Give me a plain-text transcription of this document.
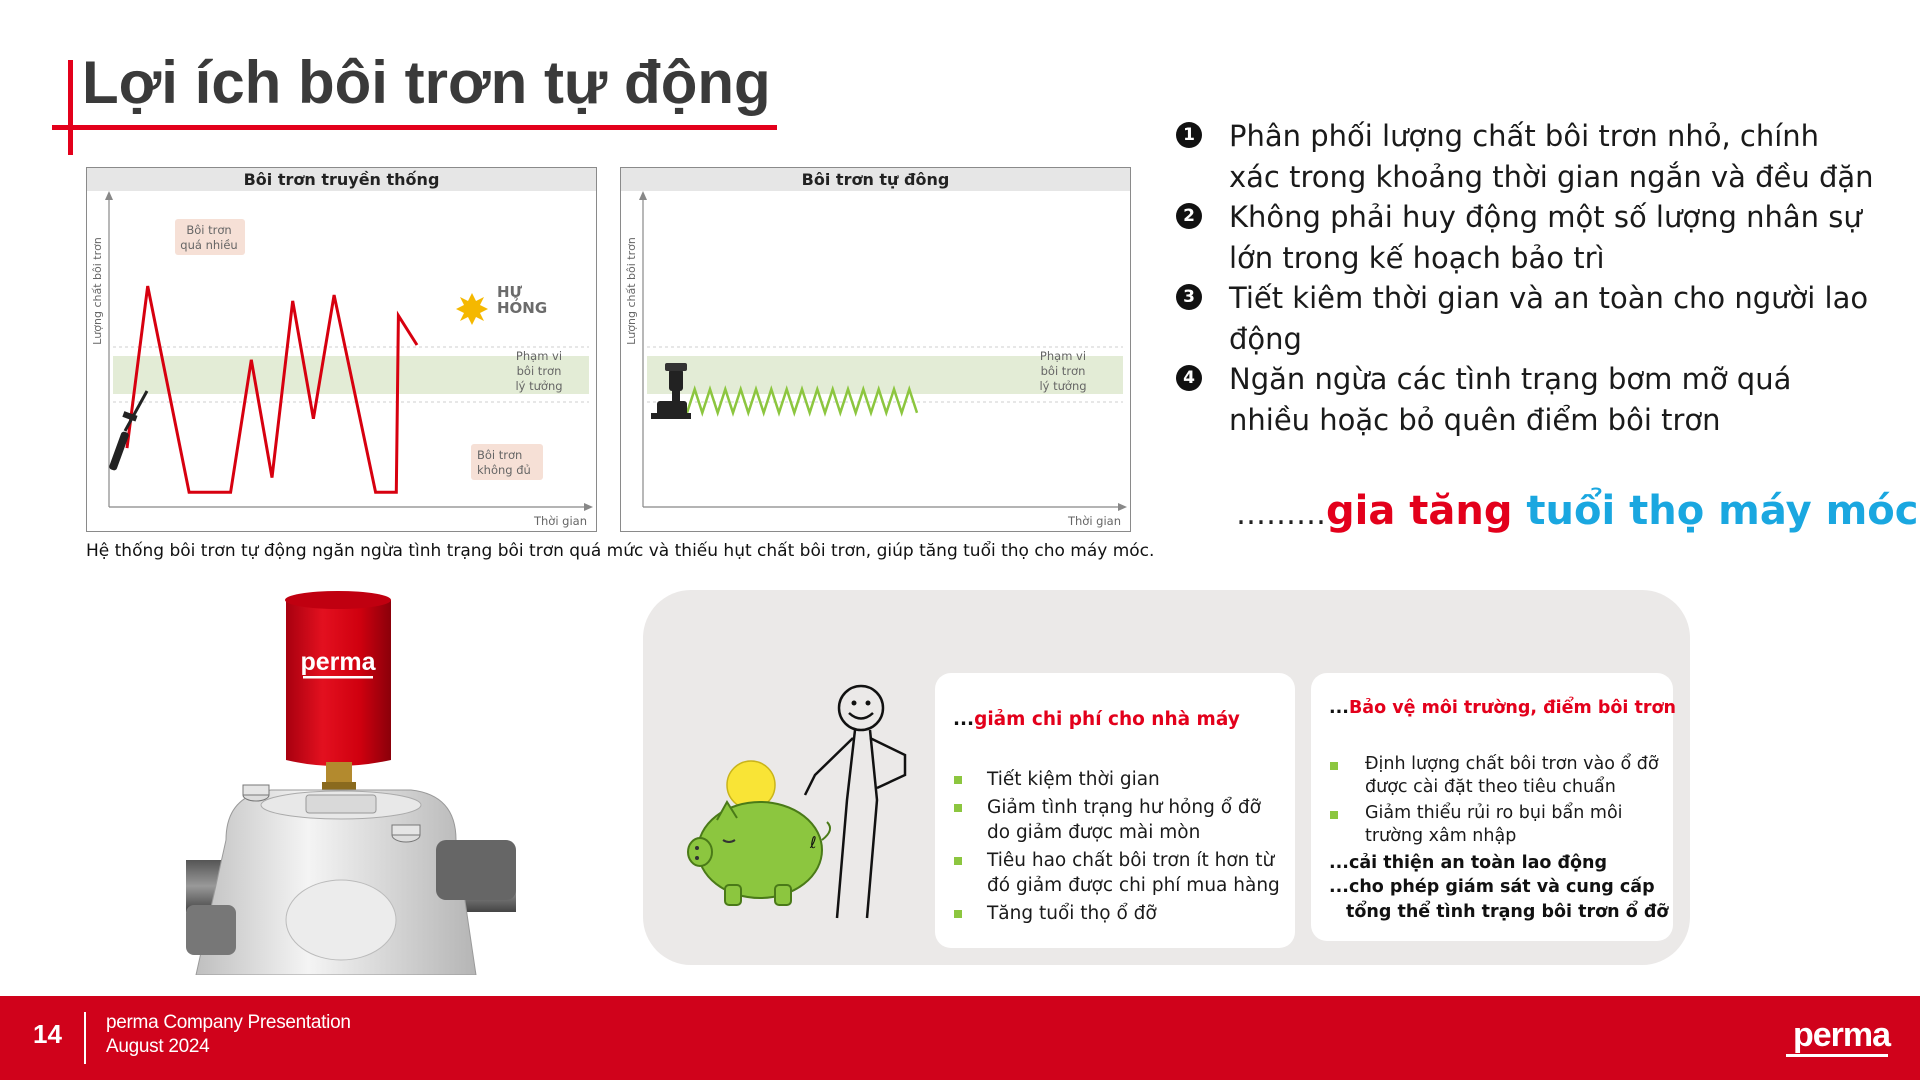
Lợi ích bôi trơn tự động
Bôi trơn truyền thống
Bôi trơn quá nhiều
HƯ
HỎNG
Phạm vi bôi trơn lý tưởng
Bôi trơn không đủ
Lượng chất bôi trơn
Thời gian
Bôi trơn tự đông
Phạm vi bôi trơn lý tưởng
Lượng chất bôi trơn
Thời gian
Hệ thống bôi trơn tự động ngăn ngừa tình trạng bôi trơn quá mức và thiếu hụt chất bôi trơn, giúp tăng tuổi thọ cho máy móc.
1 Phân phối lượng chất bôi trơn nhỏ, chính xác trong khoảng thời gian ngắn và đều đặn
2 Không phải huy động một số lượng nhân sự lớn trong kế hoạch bảo trì
3 Tiết kiêm thời gian và an toàn cho người lao động
4 Ngăn ngừa các tình trạng bơm mỡ quá nhiều hoặc bỏ quên điểm bôi trơn
………gia tăng tuổi thọ máy móc
perma
ℓ
...giảm chi phí cho nhà máy
Tiết kiệm thời gian
Giảm tình trạng hư hỏng ổ đỡ do giảm được mài mòn
Tiêu hao chất bôi trơn ít hơn từ đó giảm được chi phí mua hàng
Tăng tuổi thọ ổ đỡ
...Bảo vệ môi trường, điểm bôi trơn
Định lượng chất bôi trơn vào ổ đỡ được cài đặt theo tiêu chuẩn
Giảm thiểu rủi ro bụi bẩn môi trường xâm nhập
...cải thiện an toàn lao động
...cho phép giám sát và cung cấp
tổng thể tình trạng bôi trơn ổ đỡ
14 perma Company Presentation
August 2024	perma
